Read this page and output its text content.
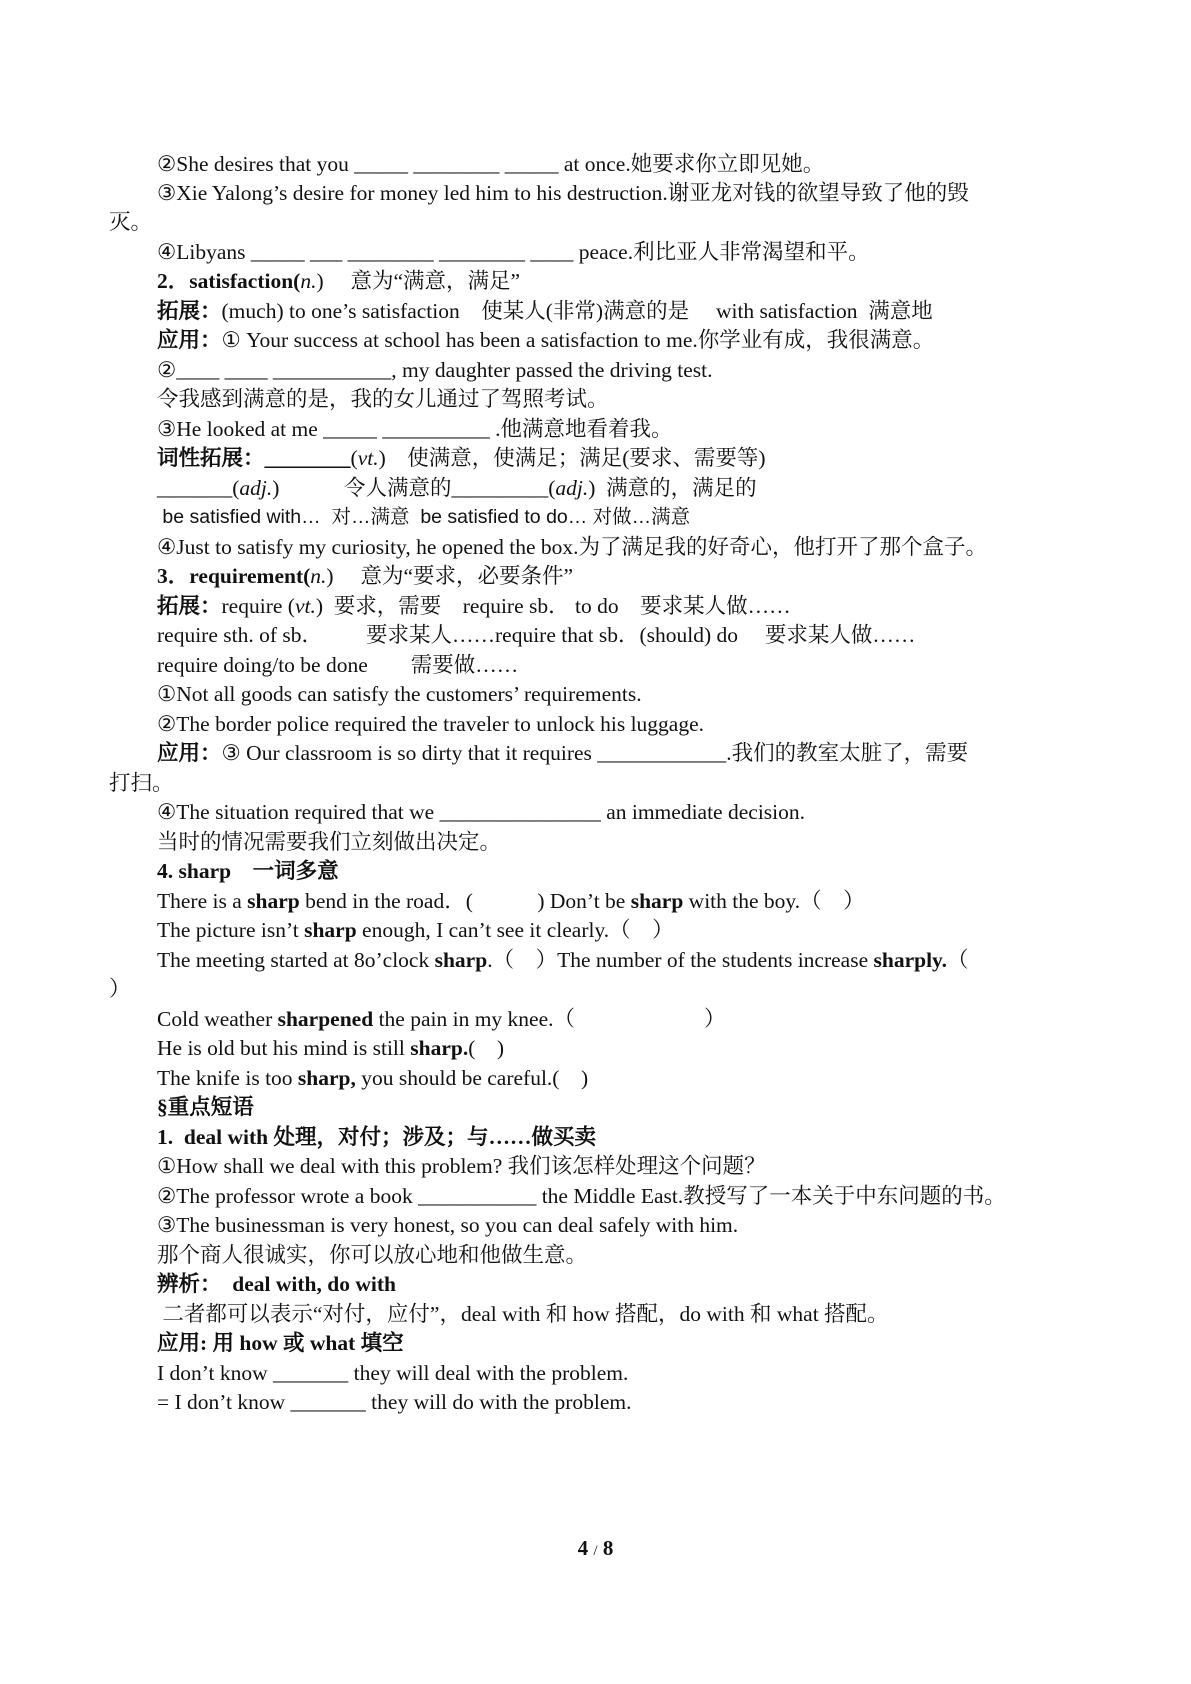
②She desires that you _____ ________ _____ at once.她要求你立即见她。
③Xie Yalong’s desire for money led him to his destruction.谢亚龙对钱的欲望导致了他的毁
灭。
④Libyans _____ ___ ________ ________ ____ peace.利比亚人非常渴望和平。
2．satisfaction(n.)　 意为“满意，满足”
拓展：(much) to one’s satisfaction　使某人(非常)满意的是　 with satisfaction  满意地
应用：① Your success at school has been a satisfaction to me.你学业有成，我很满意。
②____ ____ ___________, my daughter passed the driving test.
令我感到满意的是，我的女儿通过了驾照考试。
③He looked at me _____ __________ .他满意地看着我。
词性拓展：________(vt.)　使满意，使满足；满足(要求、需要等)
_______(adj.)　　　令人满意的_________(adj.)  满意的，满足的
be satisfied with…  对…满意  be satisfied to do… 对做…满意
④Just to satisfy my curiosity, he opened the box.为了满足我的好奇心，他打开了那个盒子。
3．requirement(n.)　 意为“要求，必要条件”
拓展：require (vt.)  要求，需要　require sb． to do　要求某人做……
require sth. of sb．　　  要求某人……require that sb．(should) do　 要求某人做……
require doing/to be done　　需要做……
①Not all goods can satisfy the customers’ requirements.
②The border police required the traveler to unlock his luggage.
应用：③ Our classroom is so dirty that it requires ____________.我们的教室太脏了，需要
打扫。
④The situation required that we _______________ an immediate decision.
当时的情况需要我们立刻做出决定。
4. sharp　一词多意
There is a sharp bend in the road．(　　　) Don’t be sharp with the boy.（　）
The picture isn’t sharp enough, I can’t see it clearly.（　）
The meeting started at 8o’clock sharp.（　）The number of the students increase sharply.（
）
Cold weather sharpened the pain in my knee.（　　　　　　）
He is old but his mind is still sharp.(　)
The knife is too sharp, you should be careful.(　)
§重点短语
1.  deal with 处理，对付；涉及；与……做买卖
①How shall we deal with this problem? 我们该怎样处理这个问题？
②The professor wrote a book ___________ the Middle East.教授写了一本关于中东问题的书。
③The businessman is very honest, so you can deal safely with him.
那个商人很诚实，你可以放心地和他做生意。
辨析：  deal with, do with
二者都可以表示“对付，应付”，deal with 和 how 搭配，do with 和 what 搭配。
应用: 用 how 或 what 填空
I don’t know _______ they will deal with the problem.
= I don’t know _______ they will do with the problem.
4 / 8
